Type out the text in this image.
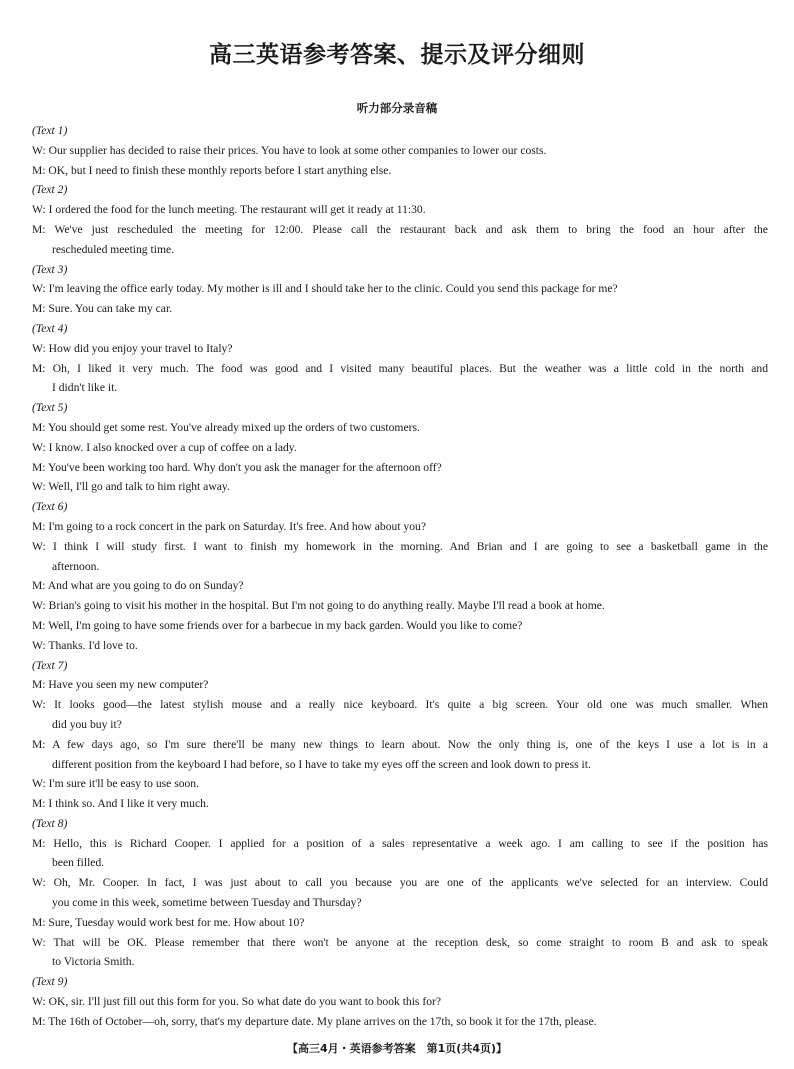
高三英语参考答案、提示及评分细则
听力部分录音稿
(Text 1)
W: Our supplier has decided to raise their prices. You have to look at some other companies to lower our costs.
M: OK, but I need to finish these monthly reports before I start anything else.
(Text 2)
W: I ordered the food for the lunch meeting. The restaurant will get it ready at 11:30.
M: We've just rescheduled the meeting for 12:00. Please call the restaurant back and ask them to bring the food an hour after the
rescheduled meeting time.
(Text 3)
W: I'm leaving the office early today. My mother is ill and I should take her to the clinic. Could you send this package for me?
M: Sure. You can take my car.
(Text 4)
W: How did you enjoy your travel to Italy?
M: Oh, I liked it very much. The food was good and I visited many beautiful places. But the weather was a little cold in the north and
I didn't like it.
(Text 5)
M: You should get some rest. You've already mixed up the orders of two customers.
W: I know. I also knocked over a cup of coffee on a lady.
M: You've been working too hard. Why don't you ask the manager for the afternoon off?
W: Well, I'll go and talk to him right away.
(Text 6)
M: I'm going to a rock concert in the park on Saturday. It's free. And how about you?
W: I think I will study first. I want to finish my homework in the morning. And Brian and I are going to see a basketball game in the
afternoon.
M: And what are you going to do on Sunday?
W: Brian's going to visit his mother in the hospital. But I'm not going to do anything really. Maybe I'll read a book at home.
M: Well, I'm going to have some friends over for a barbecue in my back garden. Would you like to come?
W: Thanks. I'd love to.
(Text 7)
M: Have you seen my new computer?
W: It looks good—the latest stylish mouse and a really nice keyboard. It's quite a big screen. Your old one was much smaller. When
did you buy it?
M: A few days ago, so I'm sure there'll be many new things to learn about. Now the only thing is, one of the keys I use a lot is in a
different position from the keyboard I had before, so I have to take my eyes off the screen and look down to press it.
W: I'm sure it'll be easy to use soon.
M: I think so. And I like it very much.
(Text 8)
M: Hello, this is Richard Cooper. I applied for a position of a sales representative a week ago. I am calling to see if the position has
been filled.
W: Oh, Mr. Cooper. In fact, I was just about to call you because you are one of the applicants we've selected for an interview. Could
you come in this week, sometime between Tuesday and Thursday?
M: Sure, Tuesday would work best for me. How about 10?
W: That will be OK. Please remember that there won't be anyone at the reception desk, so come straight to room B and ask to speak
to Victoria Smith.
(Text 9)
W: OK, sir. I'll just fill out this form for you. So what date do you want to book this for?
M: The 16th of October—oh, sorry, that's my departure date. My plane arrives on the 17th, so book it for the 17th, please.
【高三4月・英语参考答案　第1页(共4页)】
